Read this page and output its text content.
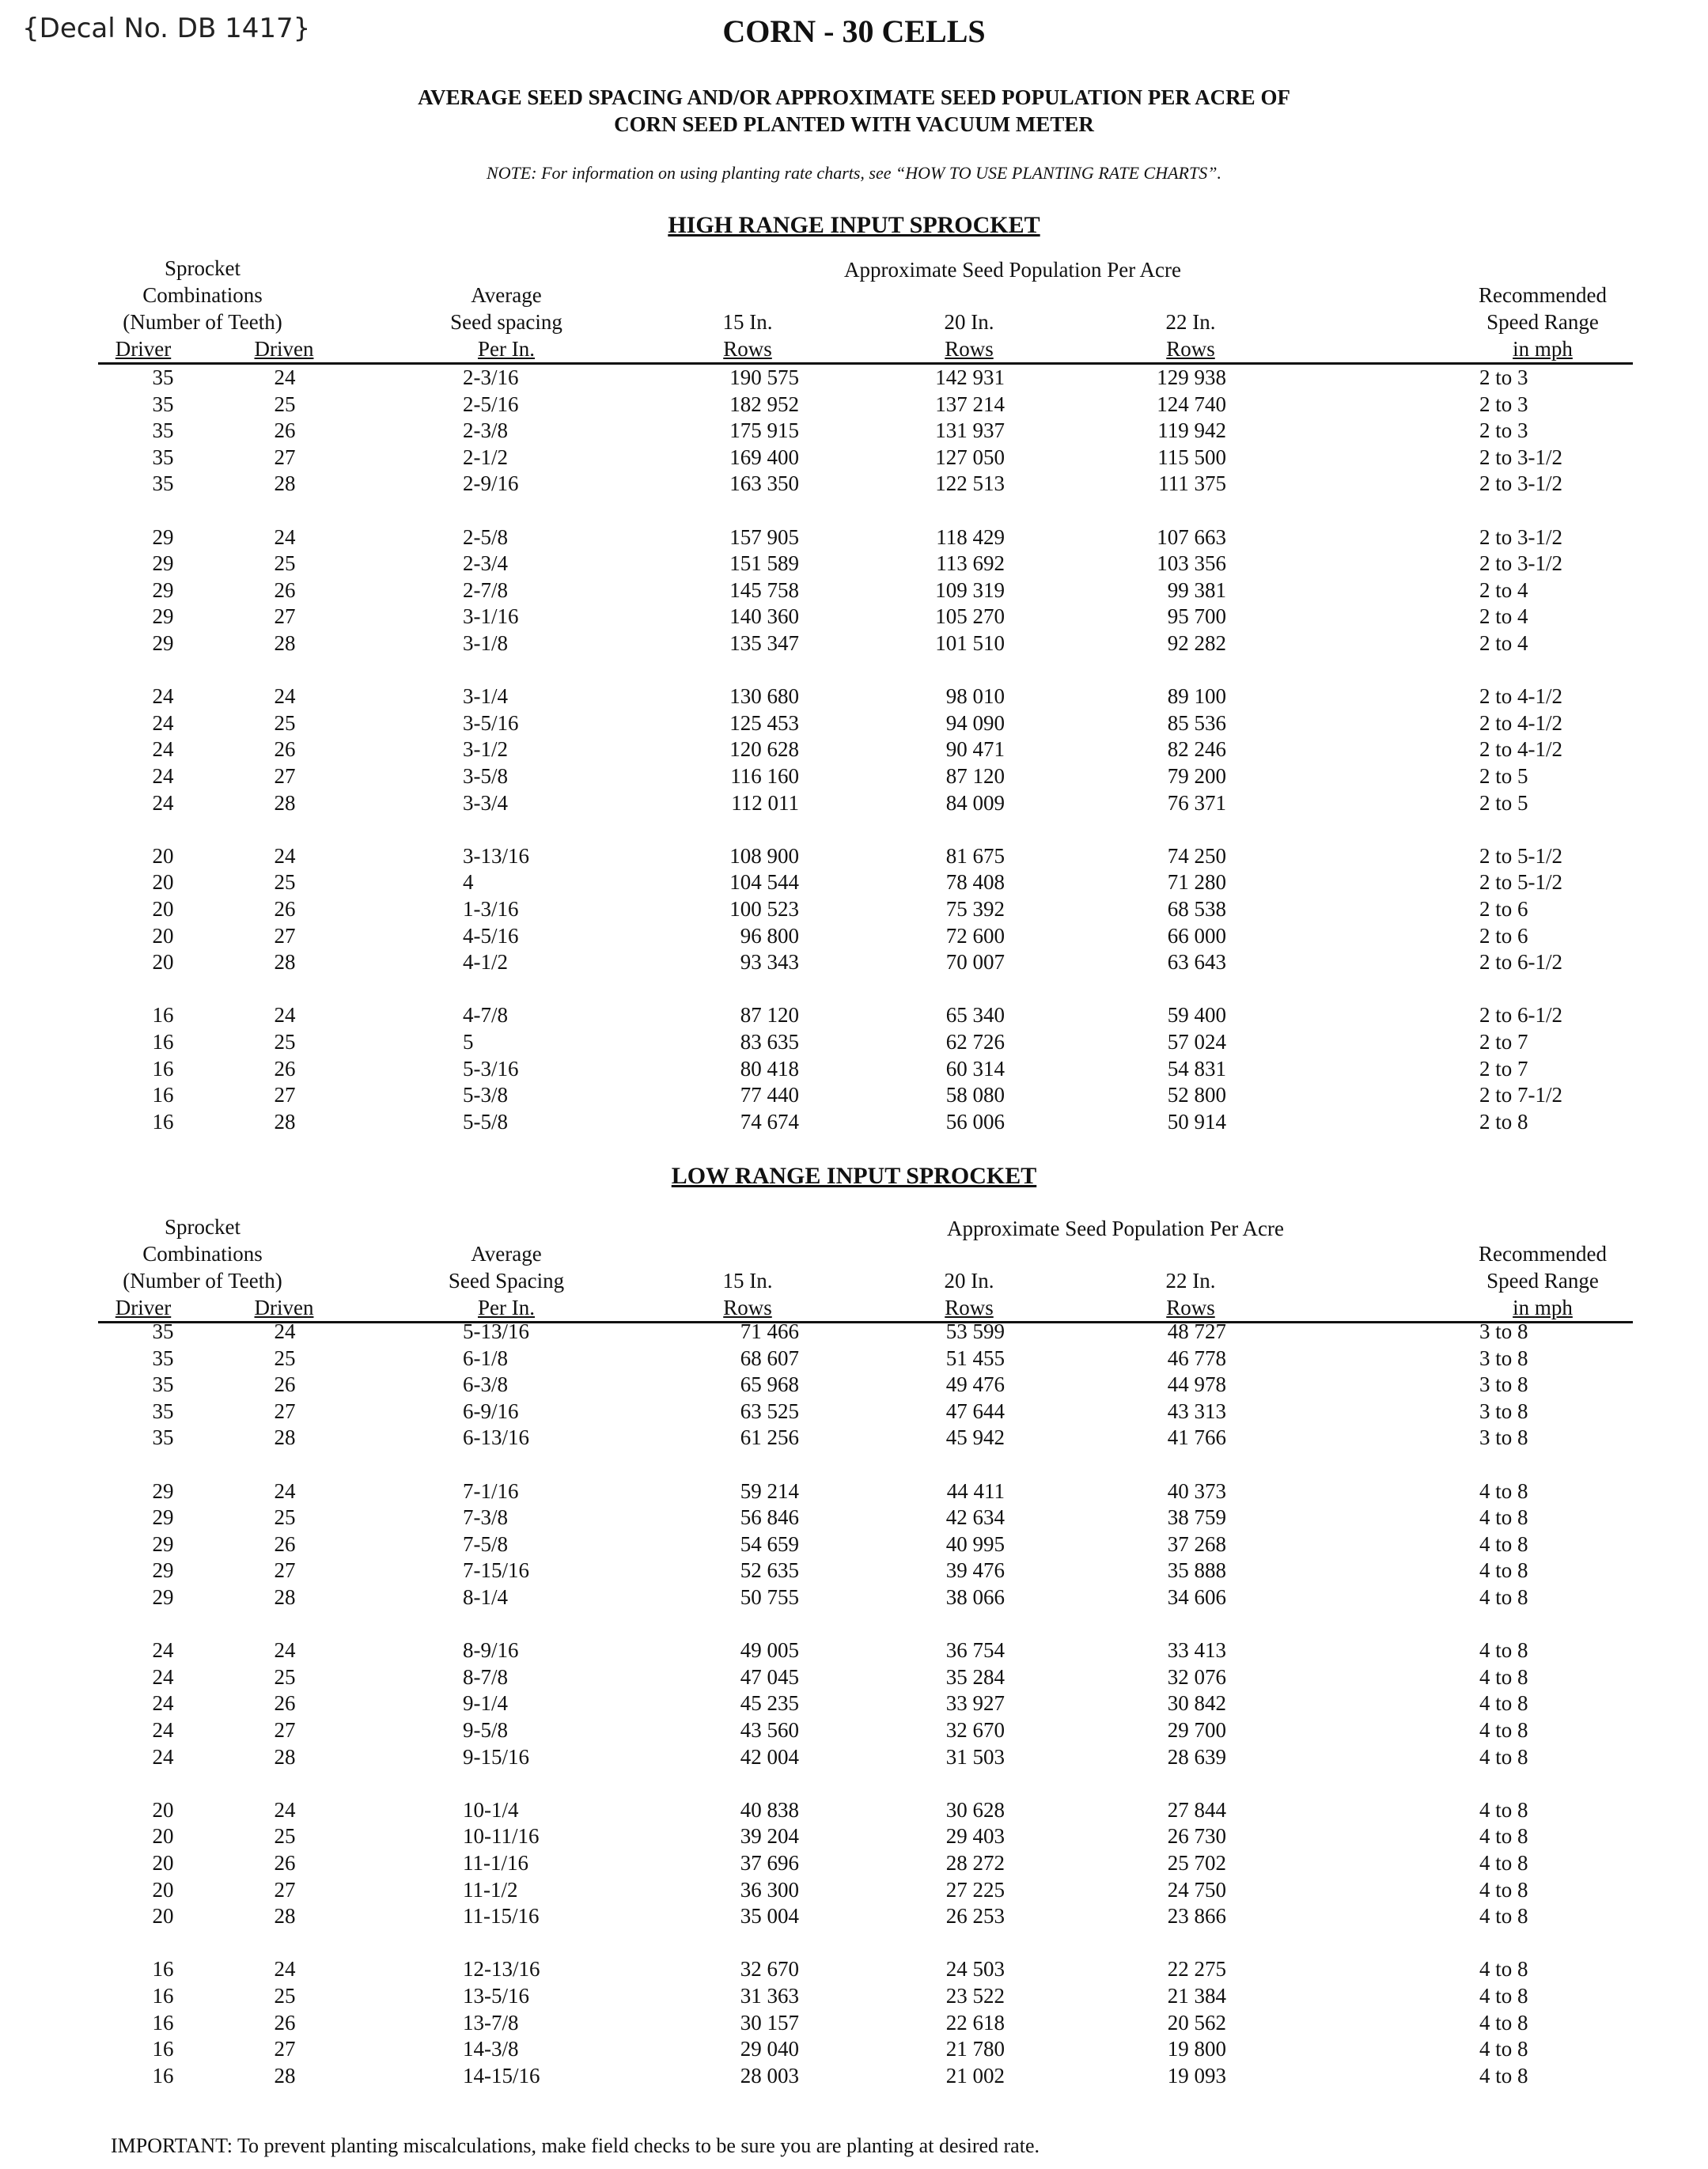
{Decal No. DB 1417}	CORN - 30 CELLS
AVERAGE SEED SPACING AND/OR APPROXIMATE SEED POPULATION PER ACRE OF
CORN SEED PLANTED WITH VACUUM METER
NOTE: For information on using planting rate charts, see “HOW TO USE PLANTING RATE CHARTS”.
HIGH RANGE INPUT SPROCKET
Sprocket
Combinations
(Number of Teeth)
Driver	Driven
Average
Seed spacing
Per In.
Approximate Seed Population Per Acre
15 In.
Rows
20 In.
Rows
22 In.
Rows
Recommended
Speed Range
in mph
35	24	2-3/16	190 575	142 931	129 938	2 to 3
35	25	2-5/16	182 952	137 214	124 740	2 to 3
35	26	2-3/8	175 915	131 937	119 942	2 to 3
35	27	2-1/2	169 400	127 050	115 500	2 to 3-1/2
35	28	2-9/16	163 350	122 513	111 375	2 to 3-1/2
29	24	2-5/8	157 905	118 429	107 663	2 to 3-1/2
29	25	2-3/4	151 589	113 692	103 356	2 to 3-1/2
29	26	2-7/8	145 758	109 319	99 381	2 to 4
29	27	3-1/16	140 360	105 270	95 700	2 to 4
29	28	3-1/8	135 347	101 510	92 282	2 to 4
24	24	3-1/4	130 680	98 010	89 100	2 to 4-1/2
24	25	3-5/16	125 453	94 090	85 536	2 to 4-1/2
24	26	3-1/2	120 628	90 471	82 246	2 to 4-1/2
24	27	3-5/8	116 160	87 120	79 200	2 to 5
24	28	3-3/4	112 011	84 009	76 371	2 to 5
20	24	3-13/16	108 900	81 675	74 250	2 to 5-1/2
20	25	4	104 544	78 408	71 280	2 to 5-1/2
20	26	1-3/16	100 523	75 392	68 538	2 to 6
20	27	4-5/16	96 800	72 600	66 000	2 to 6
20	28	4-1/2	93 343	70 007	63 643	2 to 6-1/2
16	24	4-7/8	87 120	65 340	59 400	2 to 6-1/2
16	25	5	83 635	62 726	57 024	2 to 7
16	26	5-3/16	80 418	60 314	54 831	2 to 7
16	27	5-3/8	77 440	58 080	52 800	2 to 7-1/2
16	28	5-5/8	74 674	56 006	50 914	2 to 8
LOW RANGE INPUT SPROCKET
Sprocket
Combinations
(Number of Teeth)
Driver	Driven
Average
Seed Spacing
Per In.
Approximate Seed Population Per Acre
15 In.
Rows
20 In.
Rows
22 In.
Rows
Recommended
Speed Range
in mph
35	24	5-13/16	71 466	53 599	48 727	3 to 8
35	25	6-1/8	68 607	51 455	46 778	3 to 8
35	26	6-3/8	65 968	49 476	44 978	3 to 8
35	27	6-9/16	63 525	47 644	43 313	3 to 8
35	28	6-13/16	61 256	45 942	41 766	3 to 8
29	24	7-1/16	59 214	44 411	40 373	4 to 8
29	25	7-3/8	56 846	42 634	38 759	4 to 8
29	26	7-5/8	54 659	40 995	37 268	4 to 8
29	27	7-15/16	52 635	39 476	35 888	4 to 8
29	28	8-1/4	50 755	38 066	34 606	4 to 8
24	24	8-9/16	49 005	36 754	33 413	4 to 8
24	25	8-7/8	47 045	35 284	32 076	4 to 8
24	26	9-1/4	45 235	33 927	30 842	4 to 8
24	27	9-5/8	43 560	32 670	29 700	4 to 8
24	28	9-15/16	42 004	31 503	28 639	4 to 8
20	24	10-1/4	40 838	30 628	27 844	4 to 8
20	25	10-11/16	39 204	29 403	26 730	4 to 8
20	26	11-1/16	37 696	28 272	25 702	4 to 8
20	27	11-1/2	36 300	27 225	24 750	4 to 8
20	28	11-15/16	35 004	26 253	23 866	4 to 8
16	24	12-13/16	32 670	24 503	22 275	4 to 8
16	25	13-5/16	31 363	23 522	21 384	4 to 8
16	26	13-7/8	30 157	22 618	20 562	4 to 8
16	27	14-3/8	29 040	21 780	19 800	4 to 8
16	28	14-15/16	28 003	21 002	19 093	4 to 8
IMPORTANT: To prevent planting miscalculations, make field checks to be sure you are planting at desired rate.
